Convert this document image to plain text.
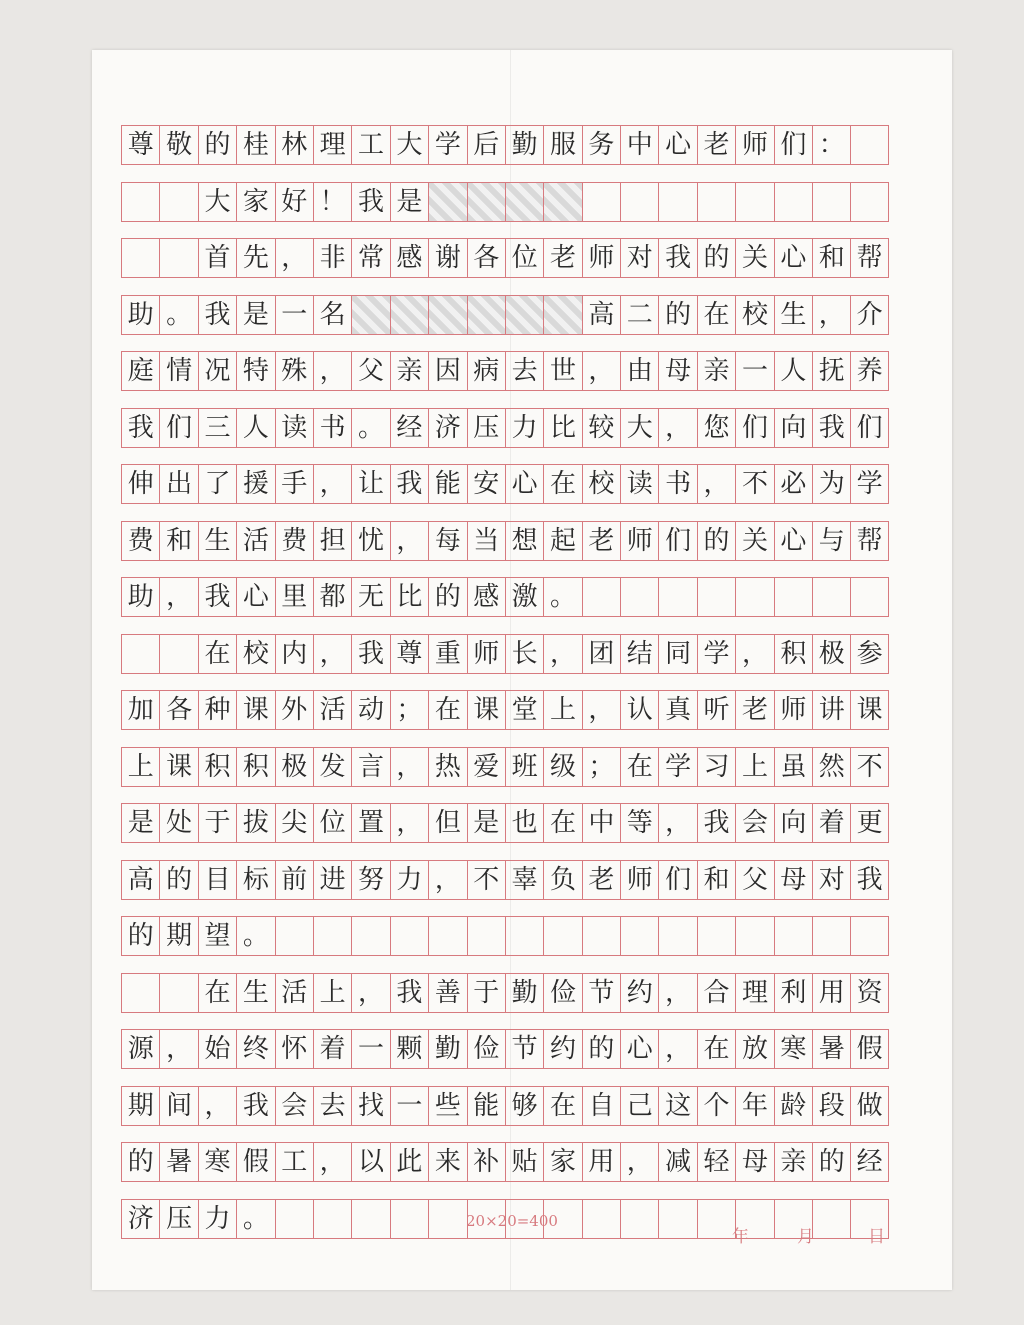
尊 敬 的 桂 林 理 工 大 学 后 勤 服 务 中 心 老 师 们 ：
大 家 好 ！ 我 是
首 先 ， 非 常 感 谢 各 位 老 师 对 我 的 关 心 和 帮
助 。 我 是 一 名	高 二 的 在 校 生 ， 介
庭 情 况 特 殊 ， 父 亲 因 病 去 世 ， 由 母 亲 一 人 抚 养
我 们 三 人 读 书 。 经 济 压 力 比 较 大 ， 您 们 向 我 们
伸 出 了 援 手 ， 让 我 能 安 心 在 校 读 书 ， 不 必 为 学
费 和 生 活 费 担 忧 ， 每 当 想 起 老 师 们 的 关 心 与 帮
助 ， 我 心 里 都 无 比 的 感 激 。
在 校 内 ， 我 尊 重 师 长 ， 团 结 同 学 ， 积 极 参
加 各 种 课 外 活 动 ； 在 课 堂 上 ， 认 真 听 老 师 讲 课
上 课 积 积 极 发 言 ， 热 爱 班 级 ； 在 学 习 上 虽 然 不
是 处 于 拔 尖 位 置 ， 但 是 也 在 中 等 ， 我 会 向 着 更
高 的 目 标 前 进 努 力 ， 不 辜 负 老 师 们 和 父 母 对 我
的 期 望 。
在 生 活 上 ， 我 善 于 勤 俭 节 约 ， 合 理 利 用 资
源 ， 始 终 怀 着 一 颗 勤 俭 节 约 的 心 ， 在 放 寒 暑 假
期 间 ， 我 会 去 找 一 些 能 够 在 自 己 这 个 年 龄 段 做
的 暑 寒 假 工 ， 以 此 来 补 贴 家 用 ， 减 轻 母 亲 的 经
济 压 力 。	20×20=400
年	月	日
